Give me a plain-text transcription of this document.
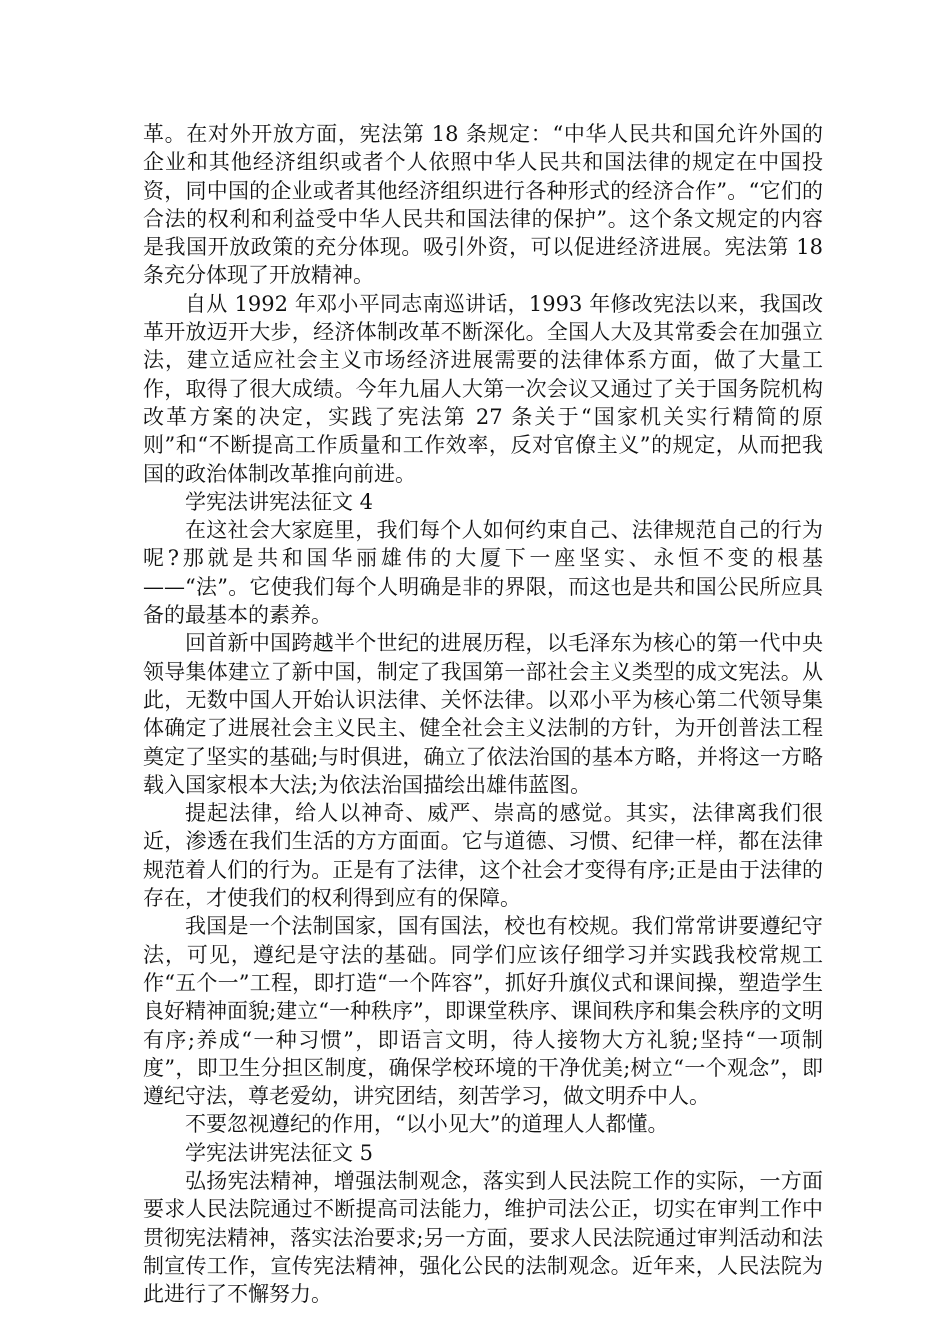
革。在对外开放方面，宪法第 18 条规定：“中华人民共和国允许外国的企业和其他经济组织或者个人依照中华人民共和国法律的规定在中国投资，同中国的企业或者其他经济组织进行各种形式的经济合作”。“它们的合法的权利和利益受中华人民共和国法律的保护”。这个条文规定的内容是我国开放政策的充分体现。吸引外资，可以促进经济进展。宪法第 18 条充分体现了开放精神。

自从 1992 年邓小平同志南巡讲话，1993 年修改宪法以来，我国改革开放迈开大步，经济体制改革不断深化。全国人大及其常委会在加强立法，建立适应社会主义市场经济进展需要的法律体系方面，做了大量工作，取得了很大成绩。今年九届人大第一次会议又通过了关于国务院机构改革方案的决定，实践了宪法第 27 条关于“国家机关实行精简的原则”和“不断提高工作质量和工作效率，反对官僚主义”的规定，从而把我国的政治体制改革推向前进。

学宪法讲宪法征文 4

在这社会大家庭里，我们每个人如何约束自己、法律规范自己的行为呢?那就是共和国华丽雄伟的大厦下一座坚实、永恒不变的根基——“法”。它使我们每个人明确是非的界限，而这也是共和国公民所应具备的最基本的素养。

回首新中国跨越半个世纪的进展历程，以毛泽东为核心的第一代中央领导集体建立了新中国，制定了我国第一部社会主义类型的成文宪法。从此，无数中国人开始认识法律、关怀法律。以邓小平为核心第二代领导集体确定了进展社会主义民主、健全社会主义法制的方针，为开创普法工程奠定了坚实的基础;与时俱进，确立了依法治国的基本方略，并将这一方略载入国家根本大法;为依法治国描绘出雄伟蓝图。

提起法律，给人以神奇、威严、崇高的感觉。其实，法律离我们很近，渗透在我们生活的方方面面。它与道德、习惯、纪律一样，都在法律规范着人们的行为。正是有了法律，这个社会才变得有序;正是由于法律的存在，才使我们的权利得到应有的保障。

我国是一个法制国家，国有国法，校也有校规。我们常常讲要遵纪守法，可见，遵纪是守法的基础。同学们应该仔细学习并实践我校常规工作“五个一”工程，即打造“一个阵容”，抓好升旗仪式和课间操，塑造学生良好精神面貌;建立“一种秩序”，即课堂秩序、课间秩序和集会秩序的文明有序;养成“一种习惯”，即语言文明，待人接物大方礼貌;坚持“一项制度”，即卫生分担区制度，确保学校环境的干净优美;树立“一个观念”，即遵纪守法，尊老爱幼，讲究团结，刻苦学习，做文明乔中人。

不要忽视遵纪的作用，“以小见大”的道理人人都懂。

学宪法讲宪法征文 5

弘扬宪法精神，增强法制观念，落实到人民法院工作的实际，一方面要求人民法院通过不断提高司法能力，维护司法公正，切实在审判工作中贯彻宪法精神，落实法治要求;另一方面，要求人民法院通过审判活动和法制宣传工作，宣传宪法精神，强化公民的法制观念。近年来，人民法院为此进行了不懈努力。
